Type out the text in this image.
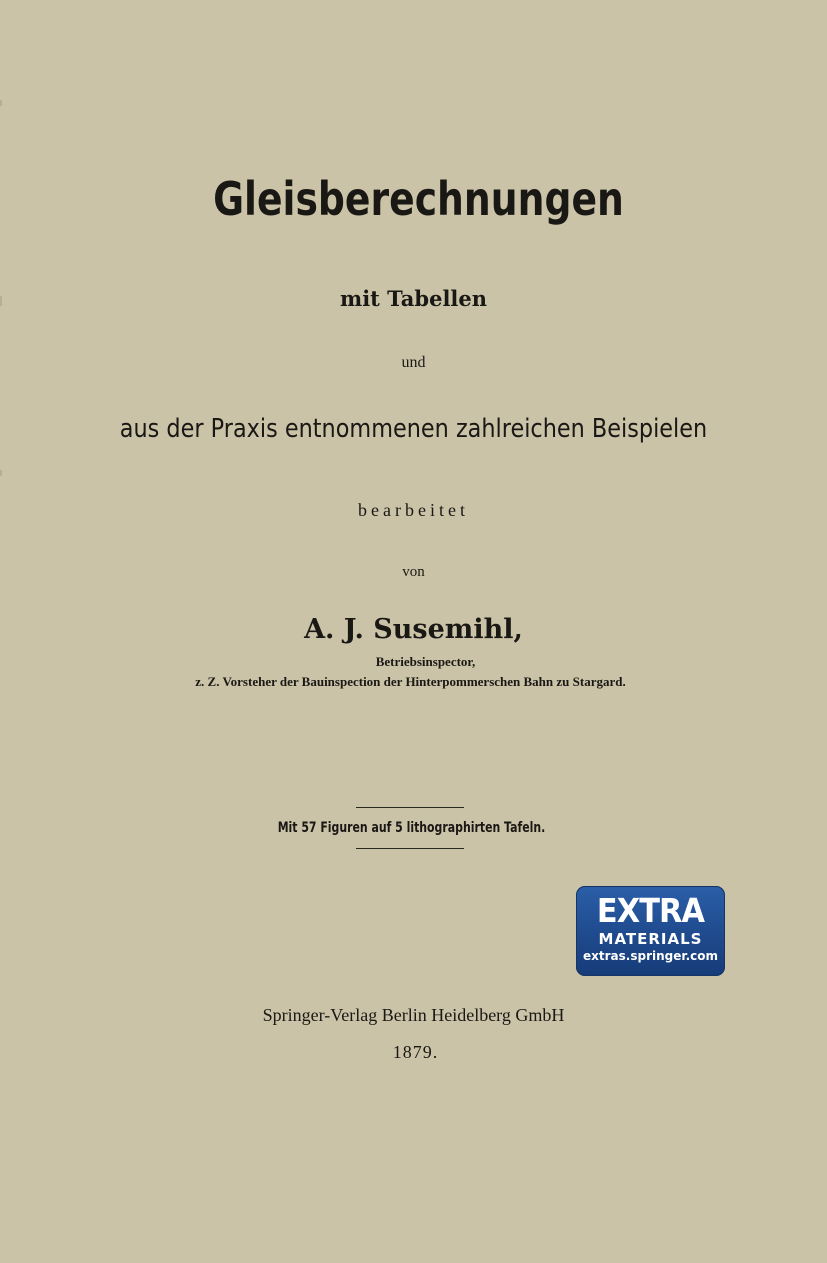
Gleisberechnungen
mit Tabellen
und
aus der Praxis entnommenen zahlreichen Beispielen
bearbeitet
von
A. J. Susemihl,
Betriebsinspector,
z. Z. Vorsteher der Bauinspection der Hinterpommerschen Bahn zu Stargard.
Mit 57 Figuren auf 5 lithographirten Tafeln.
EXTRA
MATERIALS
extras.springer.com
Springer-Verlag Berlin Heidelberg GmbH
1879.
